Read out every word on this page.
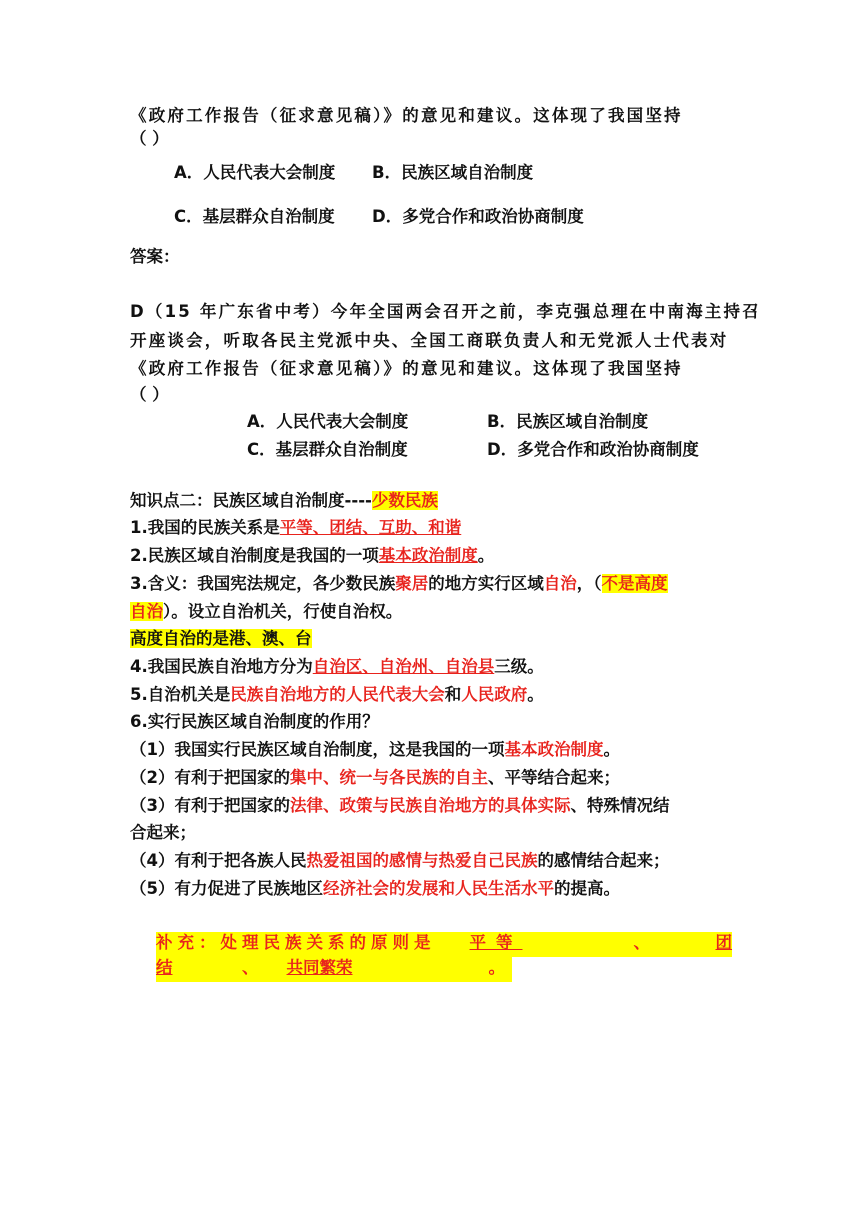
《政府工作报告（征求意见稿）》的意见和建议。这体现了我国坚持
（ ）
A．人民代表大会制度 B．民族区域自治制度
C．基层群众自治制度 D．多党合作和政治协商制度
答案：
D（15 年广东省中考）今年全国两会召开之前，李克强总理在中南海主持召
开座谈会，听取各民主党派中央、全国工商联负责人和无党派人士代表对
《政府工作报告（征求意见稿）》的意见和建议。这体现了我国坚持
（ ）
A．人民代表大会制度	B．民族区域自治制度
C．基层群众自治制度	D．多党合作和政治协商制度
知识点二：民族区域自治制度----少数民族
1.我国的民族关系是平等、团结、互助、和谐
2.民族区域自治制度是我国的一项基本政治制度。
3.含义：我国宪法规定，各少数民族聚居的地方实行区域自治，（不是高度
自治）。设立自治机关，行使自治权。
高度自治的是港、澳、台
4.我国民族自治地方分为自治区、自治州、自治县三级。
5.自治机关是民族自治地方的人民代表大会和人民政府。
6.实行民族区域自治制度的作用？
（1）我国实行民族区域自治制度，这是我国的一项基本政治制度。
（2）有利于把国家的集中、统一与各民族的自主、平等结合起来；
（3）有利于把国家的法律、政策与民族自治地方的具体实际、特殊情况结
合起来；
（4）有利于把各族人民热爱祖国的感情与热爱自己民族的感情结合起来；
（5）有力促进了民族地区经济社会的发展和人民生活水平的提高。
补充：处理民族关系的原则是 平等	、	团
结	、 共同繁荣	。
